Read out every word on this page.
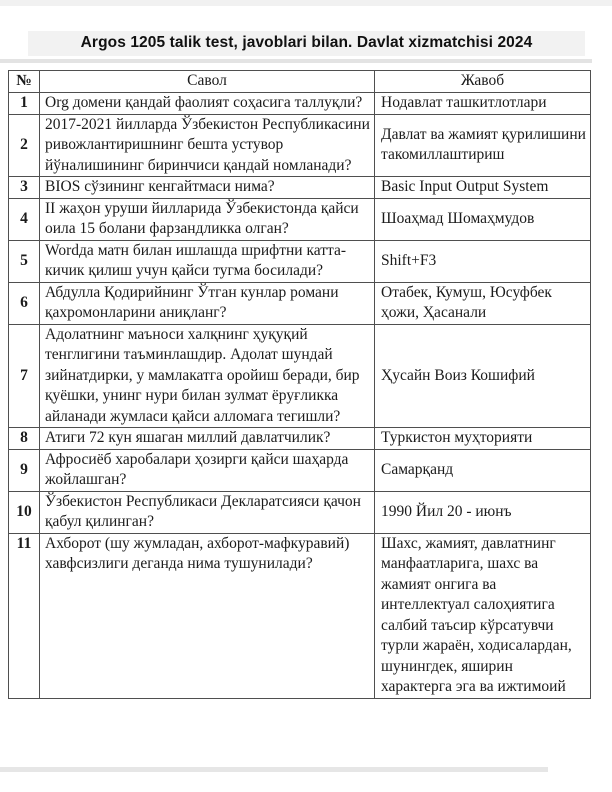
Argos 1205 talik test, javoblari bilan. Davlat xizmatchisi 2024
№	Савол	Жавоб
1	Org домени қандай фаолият соҳасига таллуқли?	Нодавлат ташкитлотлари
2	2017-2021 йилларда Ўзбекистон Республикасини ривожлантиришнинг бешта устувор йўналишининг биринчиси қандай номланади?	Давлат ва жамият қурилишини такомиллаштириш
3	BIOS сўзининг кенгайтмаси нима?	Basic Input Output System
4	II жаҳон уруши йилларида Ўзбекистонда қайси оила 15 болани фарзандликка олган?	Шоаҳмад Шомаҳмудов
5	Wordда матн билан ишлашда шрифтни катта-кичик қилиш учун қайси тугма босилади?	Shift+F3
6	Абдулла Қодирийнинг Ўтган кунлар романи қахромонларини аниқланг?	Отабек, Кумуш, Юсуфбек ҳожи, Ҳасанали
7	Адолатнинг маъноси халқнинг ҳуқуқий тенглигини таъминлашдир. Адолат шундай зийнатдирки, у мамлакатга оройиш беради, бир қуёшки, унинг нури билан зулмат ёруғликка айланади жумласи қайси алломага тегишли?	Ҳусайн Воиз Кошифий
8	Атиги 72 кун яшаган миллий давлатчилик?	Туркистон муҳторияти
9	Афросиёб харобалари ҳозирги қайси шаҳарда жойлашган?	Самарқанд
10	Ўзбекистон Республикаси Декларатсияси қачон қабул қилинган?	1990 Йил 20 - июнъ
11	Ахборот (шу жумладан, ахборот-мафкуравий) хавфсизлиги деганда нима тушунилади?	Шахс, жамият, давлатнинг манфаатларига, шахс ва жамият онгига ва интеллектуал салоҳиятига салбий таъсир кўрсатувчи турли жараён, ходисалардан, шунингдек, яширин характерга эга ва ижтимоий
